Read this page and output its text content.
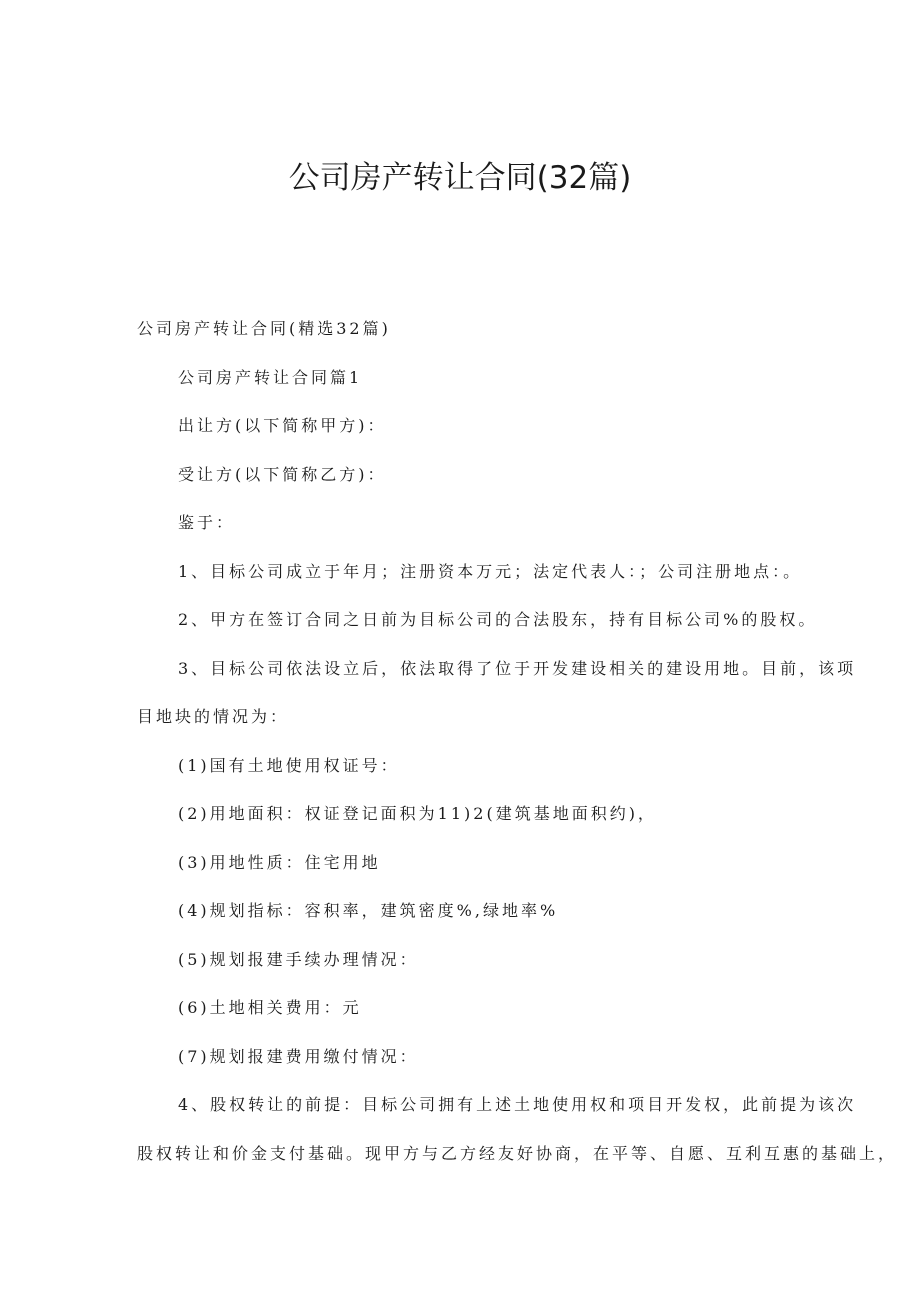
公司房产转让合同(32篇)

公司房产转让合同(精选32篇)

公司房产转让合同篇1

出让方(以下简称甲方)：

受让方(以下简称乙方)：

鉴于：

1、目标公司成立于年月；注册资本万元；法定代表人：；公司注册地点：。

2、甲方在签订合同之日前为目标公司的合法股东，持有目标公司%的股权。

3、目标公司依法设立后，依法取得了位于开发建设相关的建设用地。目前，该项

目地块的情况为：

(1)国有土地使用权证号：

(2)用地面积：权证登记面积为11)2(建筑基地面积约)，

(3)用地性质：住宅用地

(4)规划指标：容积率，建筑密度%,绿地率%

(5)规划报建手续办理情况：

(6)土地相关费用：元

(7)规划报建费用缴付情况：

4、股权转让的前提：目标公司拥有上述土地使用权和项目开发权，此前提为该次

股权转让和价金支付基础。现甲方与乙方经友好协商，在平等、自愿、互利互惠的基础上，
